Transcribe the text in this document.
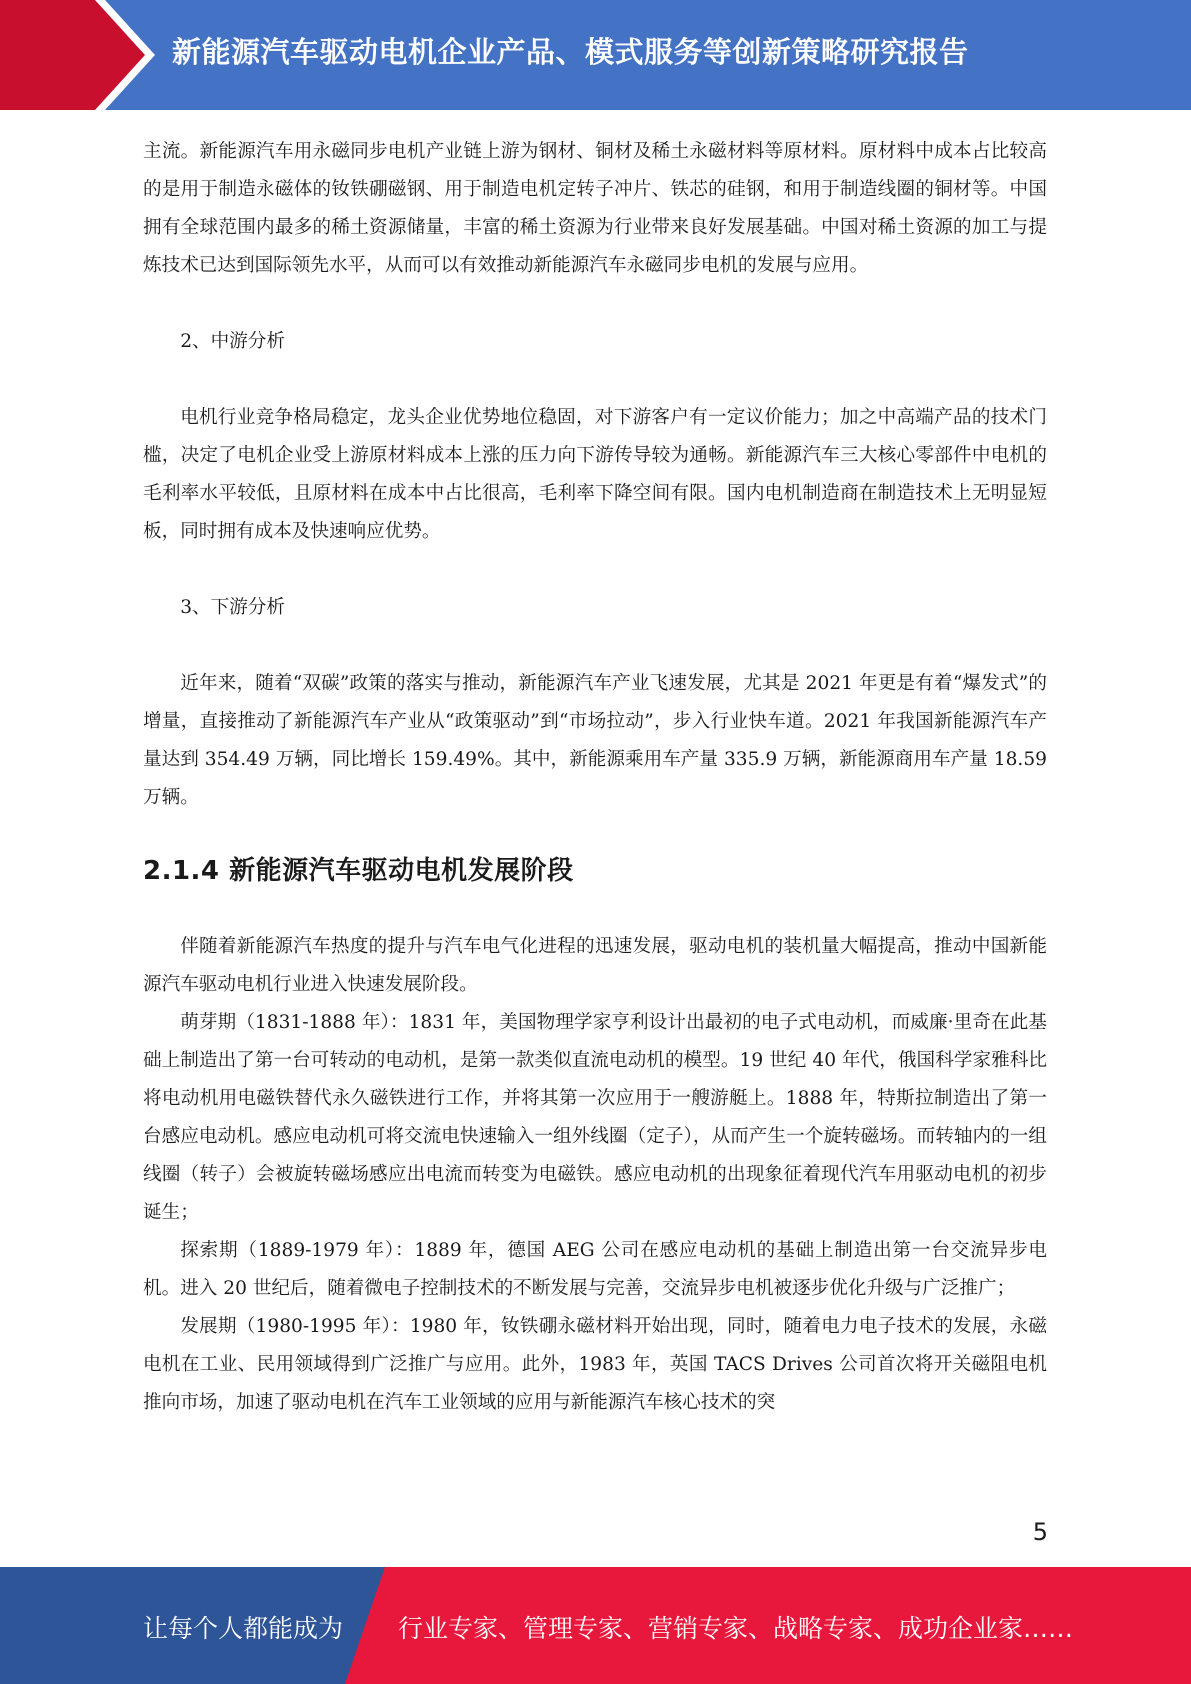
新能源汽车驱动电机企业产品、模式服务等创新策略研究报告

主流。新能源汽车用永磁同步电机产业链上游为钢材、铜材及稀土永磁材料等原材料。原材料中成本占比较高的是用于制造永磁体的钕铁硼磁钢、用于制造电机定转子冲片、铁芯的硅钢，和用于制造线圈的铜材等。中国拥有全球范围内最多的稀土资源储量，丰富的稀土资源为行业带来良好发展基础。中国对稀土资源的加工与提炼技术已达到国际领先水平，从而可以有效推动新能源汽车永磁同步电机的发展与应用。

2、中游分析

电机行业竞争格局稳定，龙头企业优势地位稳固，对下游客户有一定议价能力；加之中高端产品的技术门槛，决定了电机企业受上游原材料成本上涨的压力向下游传导较为通畅。新能源汽车三大核心零部件中电机的毛利率水平较低，且原材料在成本中占比很高，毛利率下降空间有限。国内电机制造商在制造技术上无明显短板，同时拥有成本及快速响应优势。

3、下游分析

近年来，随着“双碳”政策的落实与推动，新能源汽车产业飞速发展，尤其是 2021 年更是有着“爆发式”的增量，直接推动了新能源汽车产业从“政策驱动”到“市场拉动”，步入行业快车道。2021 年我国新能源汽车产量达到 354.49 万辆，同比增长 159.49%。其中，新能源乘用车产量 335.9 万辆，新能源商用车产量 18.59 万辆。

2.1.4 新能源汽车驱动电机发展阶段

伴随着新能源汽车热度的提升与汽车电气化进程的迅速发展，驱动电机的装机量大幅提高，推动中国新能源汽车驱动电机行业进入快速发展阶段。

萌芽期（1831-1888 年）：1831 年，美国物理学家亨利设计出最初的电子式电动机，而威廉·里奇在此基础上制造出了第一台可转动的电动机，是第一款类似直流电动机的模型。19 世纪 40 年代，俄国科学家雅科比将电动机用电磁铁替代永久磁铁进行工作，并将其第一次应用于一艘游艇上。1888 年，特斯拉制造出了第一台感应电动机。感应电动机可将交流电快速输入一组外线圈（定子），从而产生一个旋转磁场。而转轴内的一组线圈（转子）会被旋转磁场感应出电流而转变为电磁铁。感应电动机的出现象征着现代汽车用驱动电机的初步诞生；

探索期（1889-1979 年）：1889 年，德国 AEG 公司在感应电动机的基础上制造出第一台交流异步电机。进入 20 世纪后，随着微电子控制技术的不断发展与完善，交流异步电机被逐步优化升级与广泛推广；

发展期（1980-1995 年）：1980 年，钕铁硼永磁材料开始出现，同时，随着电力电子技术的发展，永磁电机在工业、民用领域得到广泛推广与应用。此外，1983 年，英国 TACS Drives 公司首次将开关磁阻电机推向市场，加速了驱动电机在汽车工业领域的应用与新能源汽车核心技术的突

5
让每个人都能成为 行业专家、管理专家、营销专家、战略专家、成功企业家……
